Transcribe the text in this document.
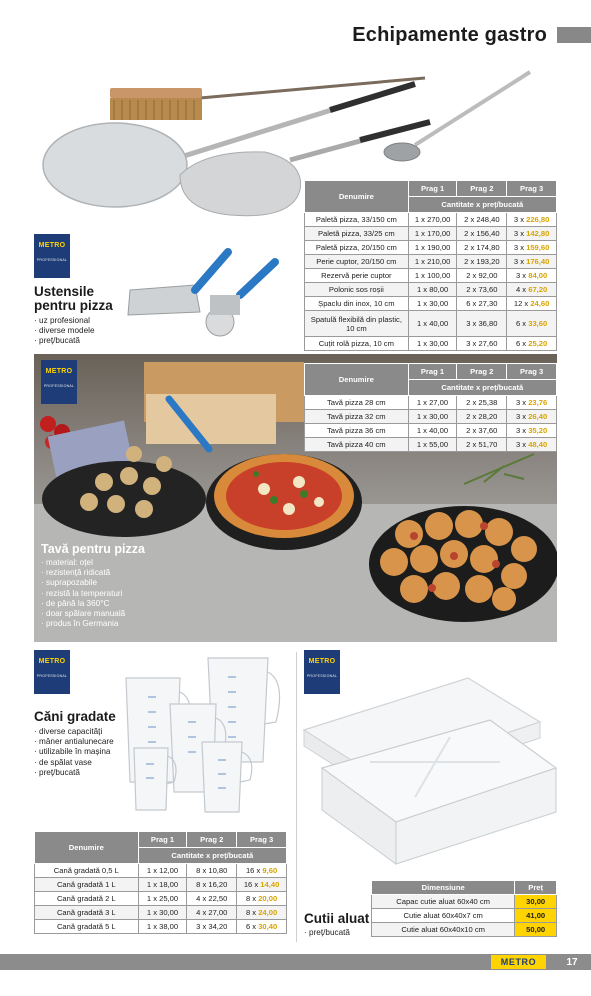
Echipamente gastro
METRO
PROFESSIONAL
Ustensile
pentru pizza
· uz profesional
· diverse modele
· preț/bucată
Denumire	Prag 1	Prag 2	Prag 3
	Cantitate x preț/bucată		
Paletă pizza, 33/150 cm	1 x 270,00	2 x 248,40	3 x 226,80
Paletă pizza, 33/25 cm	1 x 170,00	2 x 156,40	3 x 142,80
Paletă pizza, 20/150 cm	1 x 190,00	2 x 174,80	3 x 159,60
Perie cuptor, 20/150 cm	1 x 210,00	2 x 193,20	3 x 176,40
Rezervă perie cuptor	1 x 100,00	2 x 92,00	3 x 84,00
Polonic sos roșii	1 x 80,00	2 x 73,60	4 x 67,20
Șpaclu din inox, 10 cm	1 x 30,00	6 x 27,30	12 x 24,60
Spatulă flexibilă din plastic, 10 cm	1 x 40,00	3 x 36,80	6 x 33,60
Cuțit rolă pizza, 10 cm	1 x 30,00	3 x 27,60	6 x 25,20
METRO
PROFESSIONAL
Denumire	Prag 1	Prag 2	Prag 3
	Cantitate x preț/bucată		
Tavă pizza 28 cm	1 x 27,00	2 x 25,38	3 x 23,76
Tavă pizza 32 cm	1 x 30,00	2 x 28,20	3 x 26,40
Tavă pizza 36 cm	1 x 40,00	2 x 37,60	3 x 35,20
Tavă pizza 40 cm	1 x 55,00	2 x 51,70	3 x 48,40
Tavă pentru pizza
· material: oțel
· rezistență ridicată
· suprapozabile
· rezistă la temperaturi
· de până la 360°C
· doar spălare manuală
· produs în Germania
METRO
PROFESSIONAL
Căni gradate
· diverse capacități
· mâner antialunecare
· utilizabile în mașina
· de spălat vase
· preț/bucată
Denumire	Prag 1	Prag 2	Prag 3
	Cantitate x preț/bucată		
Cană gradată 0,5 L	1 x 12,00	8 x 10,80	16 x 9,60
Cană gradată 1 L	1 x 18,00	8 x 16,20	16 x 14,40
Cană gradată 2 L	1 x 25,00	4 x 22,50	8 x 20,00
Cană gradată 3 L	1 x 30,00	4 x 27,00	8 x 24,00
Cană gradată 5 L	1 x 38,00	3 x 34,20	6 x 30,40
METRO
PROFESSIONAL
Cutii aluat
· preț/bucată
Dimensiune	Preț
Capac cutie aluat 60x40 cm	30,00
Cutie aluat 60x40x7 cm	41,00
Cutie aluat 60x40x10 cm	50,00
METRO	17
